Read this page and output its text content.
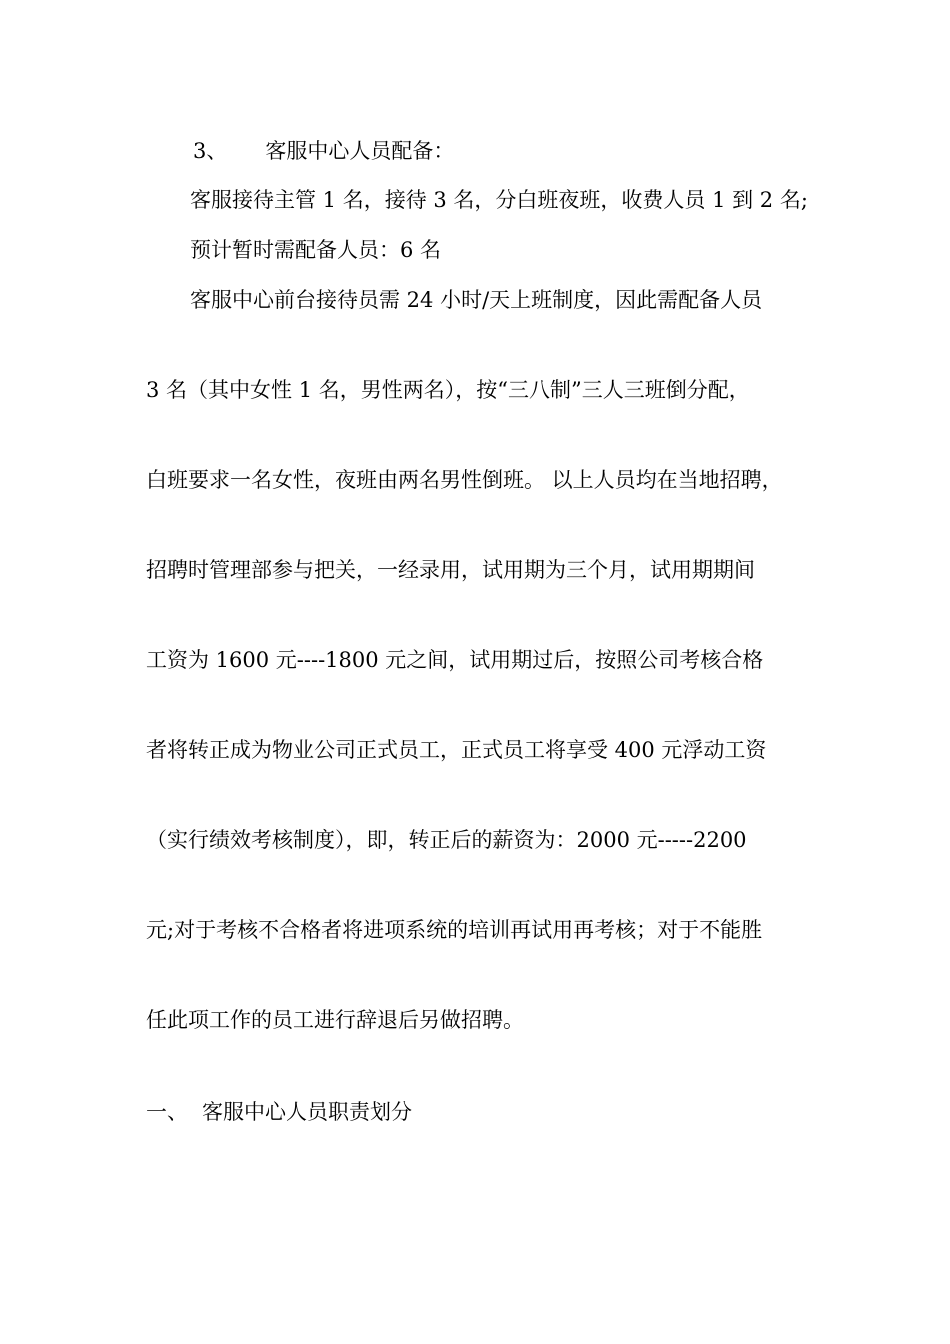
3、 客服中心人员配备：
客服接待主管 1 名，接待 3 名，分白班夜班，收费人员 1 到 2 名;
预计暂时需配备人员：6 名
客服中心前台接待员需 24 小时/天上班制度，因此需配备人员
3 名（其中女性 1 名，男性两名），按“三八制”三人三班倒分配，
白班要求一名女性，夜班由两名男性倒班。 以上人员均在当地招聘，
招聘时管理部参与把关，一经录用，试用期为三个月，试用期期间
工资为 1600 元----1800 元之间，试用期过后，按照公司考核合格
者将转正成为物业公司正式员工，正式员工将享受 400 元浮动工资
（实行绩效考核制度），即，转正后的薪资为：2000 元-----2200
元;对于考核不合格者将进项系统的培训再试用再考核；对于不能胜
任此项工作的员工进行辞退后另做招聘。
一、 客服中心人员职责划分
